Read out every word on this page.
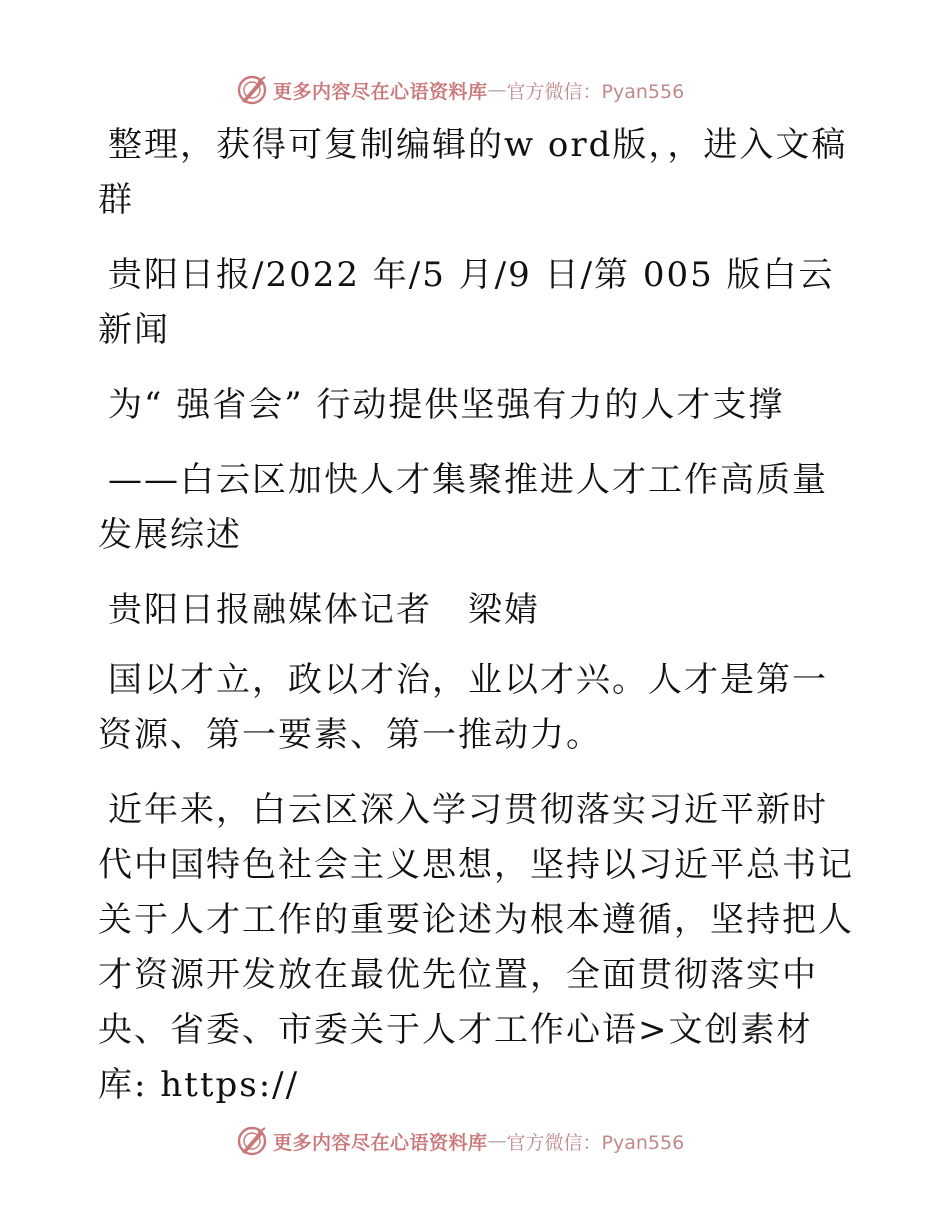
更多内容尽在心语资料库 — 官方微信：Pyan556

整理，获得可复制编辑的w ord版，，进入文稿群

贵阳日报/2022 年/5 月/9 日/第 005 版白云新闻

为“ 强省会” 行动提供坚强有力的人才支撑

——白云区加快人才集聚推进人才工作高质量发展综述

贵阳日报融媒体记者　梁婧

国以才立，政以才治，业以才兴。人才是第一资源、第一要素、第一推动力。

近年来，白云区深入学习贯彻落实习近平新时代中国特色社会主义思想，坚持以习近平总书记关于人才工作的重要论述为根本遵循，坚持把人才资源开发放在最优先位置，全面贯彻落实中央、省委、市委关于人才工作心语>文创素材库: https://

更多内容尽在心语资料库 — 官方微信：Pyan556
